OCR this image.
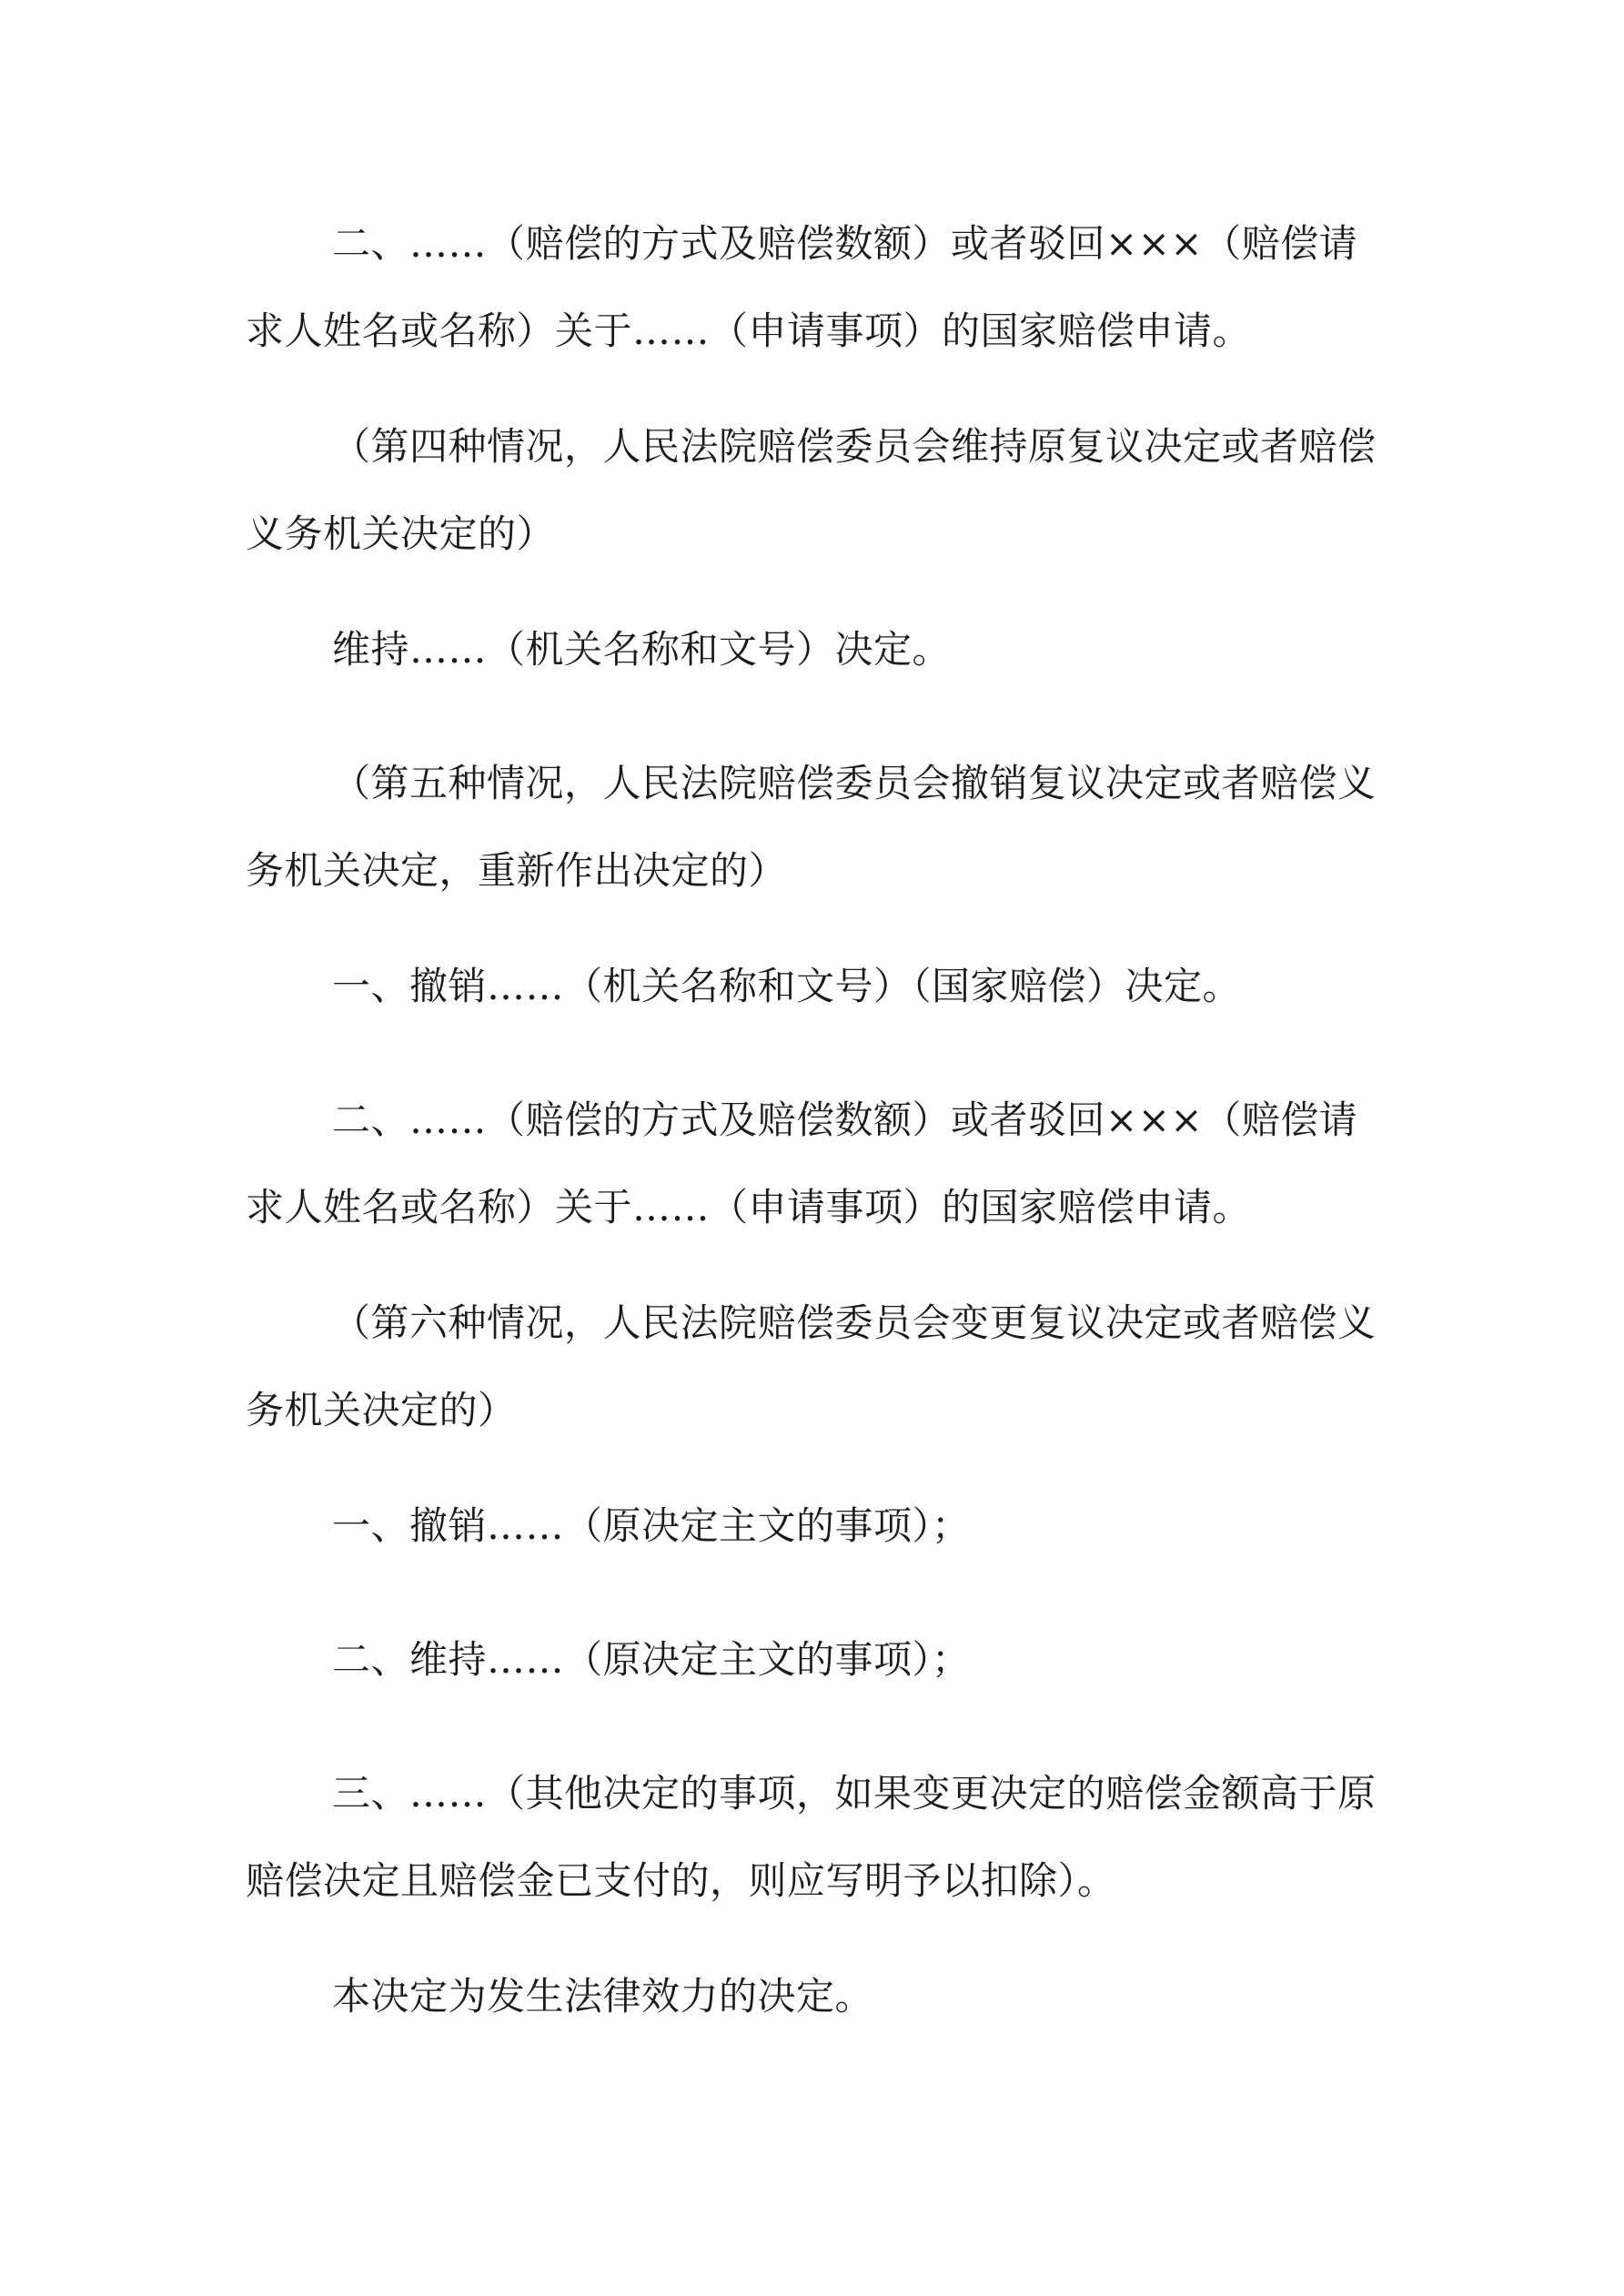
二、……（赔偿的方式及赔偿数额）或者驳回×××（赔偿请
求人姓名或名称）关于……（申请事项）的国家赔偿申请。

（第四种情况，人民法院赔偿委员会维持原复议决定或者赔偿
义务机关决定的）

维持……（机关名称和文号）决定。

（第五种情况，人民法院赔偿委员会撤销复议决定或者赔偿义
务机关决定，重新作出决定的）

一、撤销……（机关名称和文号）（国家赔偿）决定。

二、……（赔偿的方式及赔偿数额）或者驳回×××（赔偿请
求人姓名或名称）关于……（申请事项）的国家赔偿申请。

（第六种情况，人民法院赔偿委员会变更复议决定或者赔偿义
务机关决定的）

一、撤销……（原决定主文的事项）；

二、维持……（原决定主文的事项）；

三、……（其他决定的事项，如果变更决定的赔偿金额高于原
赔偿决定且赔偿金已支付的，则应写明予以扣除）。

本决定为发生法律效力的决定。
